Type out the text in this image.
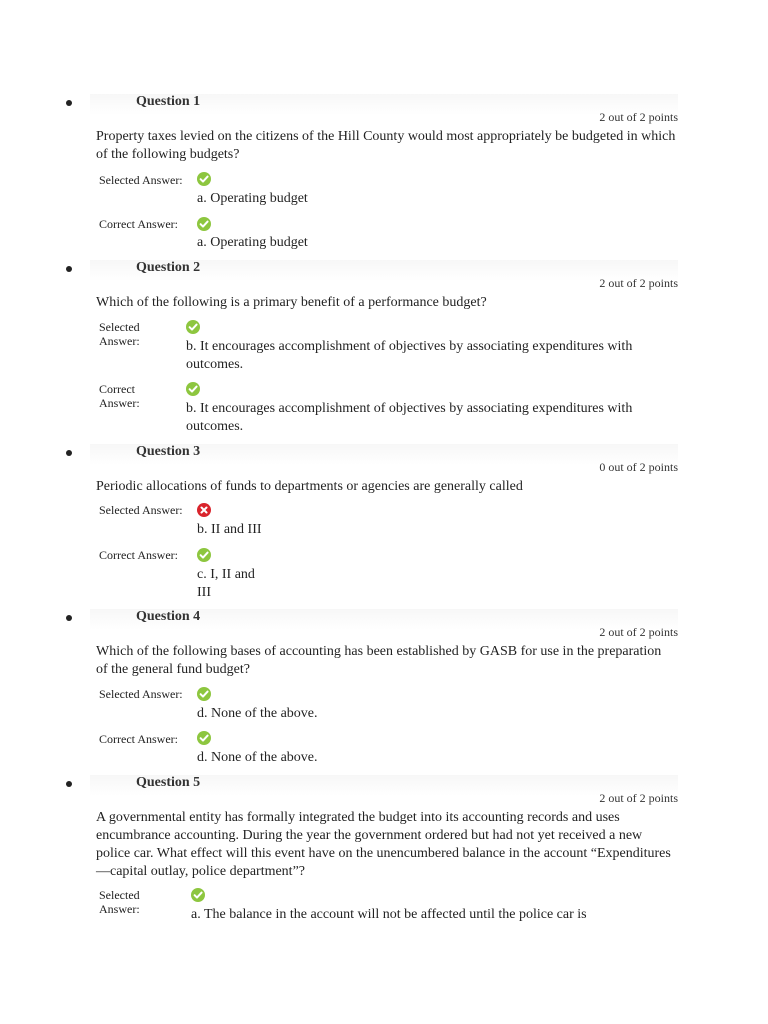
Question 1
2 out of 2 points
Property taxes levied on the citizens of the Hill County would most appropriately be budgeted in which of the following budgets?
Selected Answer:
a. Operating budget
Correct Answer:
a. Operating budget
Question 2
2 out of 2 points
Which of the following is a primary benefit of a performance budget?
Selected
Answer:	b. It encourages accomplishment of objectives by associating expenditures with outcomes.
Correct
Answer:	b. It encourages accomplishment of objectives by associating expenditures with outcomes.
Question 3
0 out of 2 points
Periodic allocations of funds to departments or agencies are generally called
Selected Answer:
b. II and III
Correct Answer:
c. I, II and
III
Question 4
2 out of 2 points
Which of the following bases of accounting has been established by GASB for use in the preparation of the general fund budget?
Selected Answer:
d. None of the above.
Correct Answer:
d. None of the above.
Question 5
2 out of 2 points
A governmental entity has formally integrated the budget into its accounting records and uses encumbrance accounting. During the year the government ordered but had not yet received a new police car. What effect will this event have on the unencumbered balance in the account “Expenditures—capital outlay, police department”?
Selected
Answer:	a. The balance in the account will not be affected until the police car is
